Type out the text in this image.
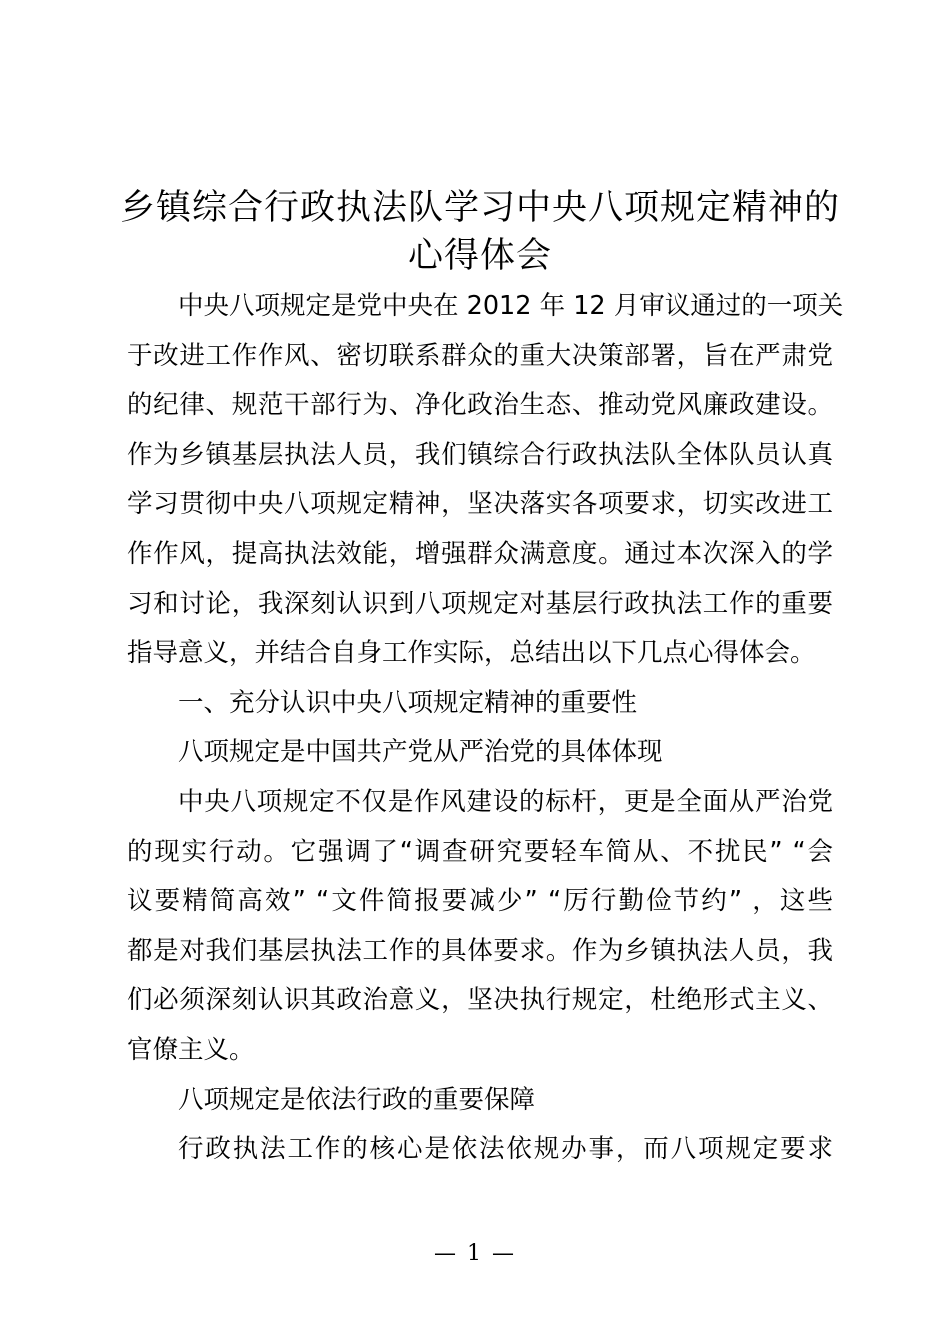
乡镇综合行政执法队学习中央八项规定精神的
心得体会
中央八项规定是党中央在 2012 年 12 月审议通过的一项关
于改进工作作风、密切联系群众的重大决策部署，旨在严肃党
的纪律、规范干部行为、净化政治生态、推动党风廉政建设。
作为乡镇基层执法人员，我们镇综合行政执法队全体队员认真
学习贯彻中央八项规定精神，坚决落实各项要求，切实改进工
作作风，提高执法效能，增强群众满意度。通过本次深入的学
习和讨论，我深刻认识到八项规定对基层行政执法工作的重要
指导意义，并结合自身工作实际，总结出以下几点心得体会。
一、充分认识中央八项规定精神的重要性
八项规定是中国共产党从严治党的具体体现
中央八项规定不仅是作风建设的标杆，更是全面从严治党
的现实行动。它强调了“调查研究要轻车简从、不扰民” “会
议要精简高效” “文件简报要减少” “厉行勤俭节约” ，这些
都是对我们基层执法工作的具体要求。作为乡镇执法人员，我
们必须深刻认识其政治意义，坚决执行规定，杜绝形式主义、
官僚主义。
八项规定是依法行政的重要保障
行政执法工作的核心是依法依规办事，而八项规定要求
— 1 —
